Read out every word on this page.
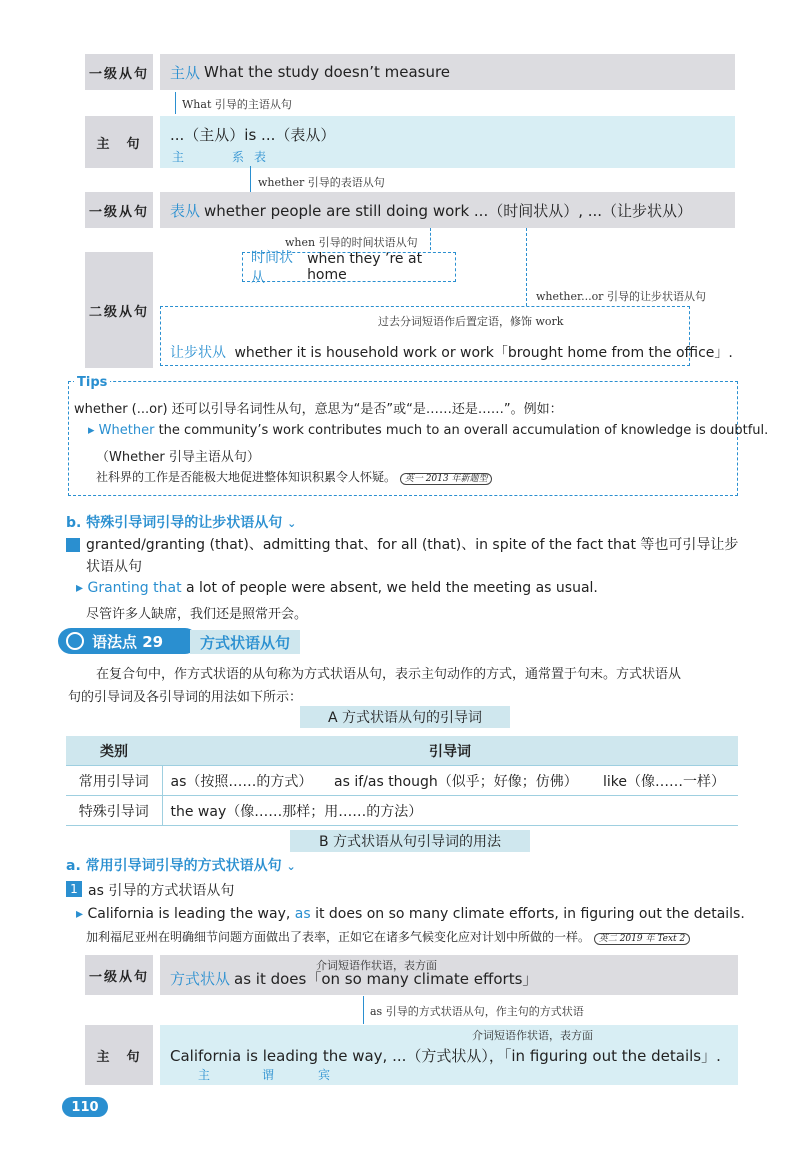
一级从句 主从 What the study doesn’t measure
What 引导的主语从句
主　句	...（主从）is ...（表从）
主	系 表
whether 引导的表语从句
一级从句 表从 whether people are still doing work ...（时间状从）, ...（让步状从）
when 引导的时间状语从句
whether...or 引导的让步状语从句
二级从句
时间状从
when they ’re at home
过去分词短语作后置定语，修饰 work
让步状从 whether it is household work or work「brought home from the office」.
Tips
whether (...or) 还可以引导名词性从句，意思为“是否”或“是……还是……”。例如：
▸ Whether the community’s work contributes much to an overall accumulation of knowledge is doubtful.
（Whether 引导主语从句）
社科界的工作是否能极大地促进整体知识积累令人怀疑。 英一 2013 年新题型
b. 特殊引导词引导的让步状语从句 ⌄
granted/granting (that)、admitting that、for all (that)、in spite of the fact that 等也可引导让步
状语从句
▸ Granting that a lot of people were absent, we held the meeting as usual.
尽管许多人缺席，我们还是照常开会。
语法点 29	方式状语从句
在复合句中，作方式状语的从句称为方式状语从句，表示主句动作的方式，通常置于句末。方式状语从
句的引导词及各引导词的用法如下所示：
A 方式状语从句的引导词
类别	引导词		
常用引导词	as（按照……的方式）	as if/as though（似乎；好像；仿佛）	like（像……一样）
特殊引导词	the way（像……那样；用……的方法）		
B 方式状语从句引导词的用法
a. 常用引导词引导的方式状语从句 ⌄
1 as 引导的方式状语从句
▸ California is leading the way, as it does on so many climate efforts, in figuring out the details.
加利福尼亚州在明确细节问题方面做出了表率，正如它在诸多气候变化应对计划中所做的一样。 英二 2019 年 Text 2
一级从句 方式状从 as it does「on so many climate efforts」
介词短语作状语，表方面
as 引导的方式状语从句，作主句的方式状语
主　句	California is leading the way, ...（方式状从），「in figuring out the details」.
介词短语作状语，表方面
主	谓	宾
110
